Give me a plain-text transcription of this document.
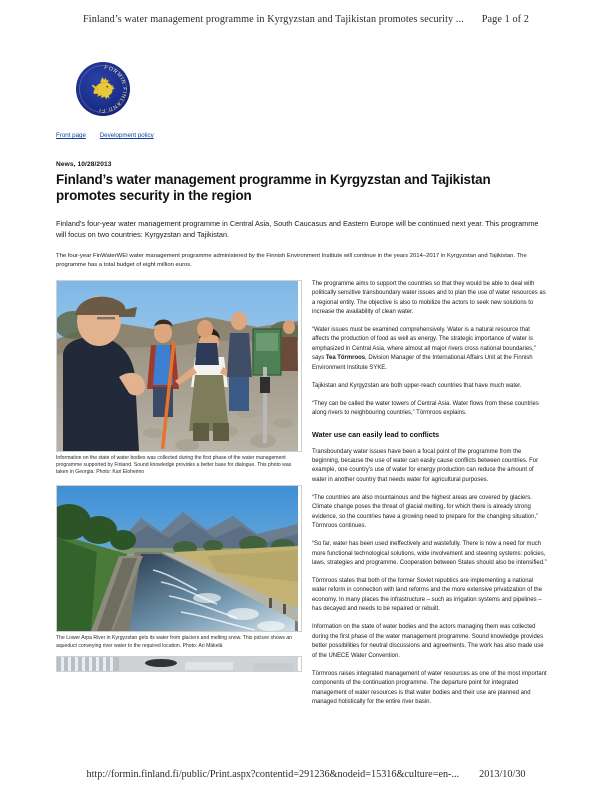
Finland’s water management programme in Kyrgyzstan and Tajikistan promotes security ... Page 1 of 2
FORMIN.FINLAND.FI
Front page Development policy
News, 10/28/2013
Finland’s water management programme in Kyrgyzstan and Tajikistan promotes security in the region

Finland’s four-year water management programme in Central Asia, South Caucasus and Eastern Europe will be continued next year. This programme will focus on two countries: Kyrgyzstan and Tajikistan.

The four-year FinWaterWEI water management programme administered by the Finnish Environment Institute will continue in the years 2014–2017 in Kyrgyzstan and Tajikistan. The programme has a total budget of eight million euros.

The programme aims to support the countries so that they would be able to deal with politically sensitive transboundary water issues and to plan the use of water resources as a regional entity. The objective is also to mobilize the actors to seek new solutions to increase the availability of clean water.

“Water issues must be examined comprehensively. Water is a natural resource that affects the production of food as well as energy. The strategic importance of water is emphasized in Central Asia, where almost all major rivers cross national boundaries,” says Tea Törmroos, Division Manager of the International Affairs Unit at the Finnish Environment Institute SYKE.

Tajikistan and Kyrgyzstan are both upper-reach countries that have much water.

“They can be called the water towers of Central Asia. Water flows from these countries along rivers to neighbouring countries,” Törmroos explains.

Water use can easily lead to conflicts

Transboundary water issues have been a focal point of the programme from the beginning, because the use of water can easily cause conflicts between countries. For example, one country’s use of water for energy production can reduce the amount of water in another country that needs water for agricultural purposes.

“The countries are also mountainous and the highest areas are covered by glaciers. Climate change poses the threat of glacial melting, for which there is already strong evidence, so the countries have a growing need to prepare for the changing situation,” Törmroos continues.

“So far, water has been used ineffectively and wastefully. There is now a need for much more functional technological solutions, wide involvement and steering systems: policies, laws, strategies and programme. Cooperation between States should also be intensified.”

Törmroos states that both of the former Soviet republics are implementing a national water reform in connection with land reforms and the more extensive privatization of the economy. In many places the infrastructure – such as irrigation systems and pipelines – has decayed and needs to be repaired or rebuilt.

Information on the state of water bodies and the actors managing them was collected during the first phase of the water management programme. Sound knowledge provides better possibilities for neutral discussions and agreements. The work has also made use of the UNECE Water Convention.

Törmroos raises integrated management of water resources as one of the most important components of the continuation programme. The departure point for integrated management of water resources is that water bodies and their use are planned and managed holistically for the entire river basin.

Information on the state of water bodies was collected during the first phase of the water management programme supported by Finland. Sound knowledge provides a better base for dialogue. This photo was taken in Georgia. Photo: Kari Eloheimo

The Lower Arpa River in Kyrgyzstan gets its water from glaciers and melting snow. This picture shows an aqueduct conveying river water to the required location. Photo: Ari Mäkelä
http://formin.finland.fi/public/Print.aspx?contentid=291236&nodeid=15316&culture=en-... 2013/10/30
